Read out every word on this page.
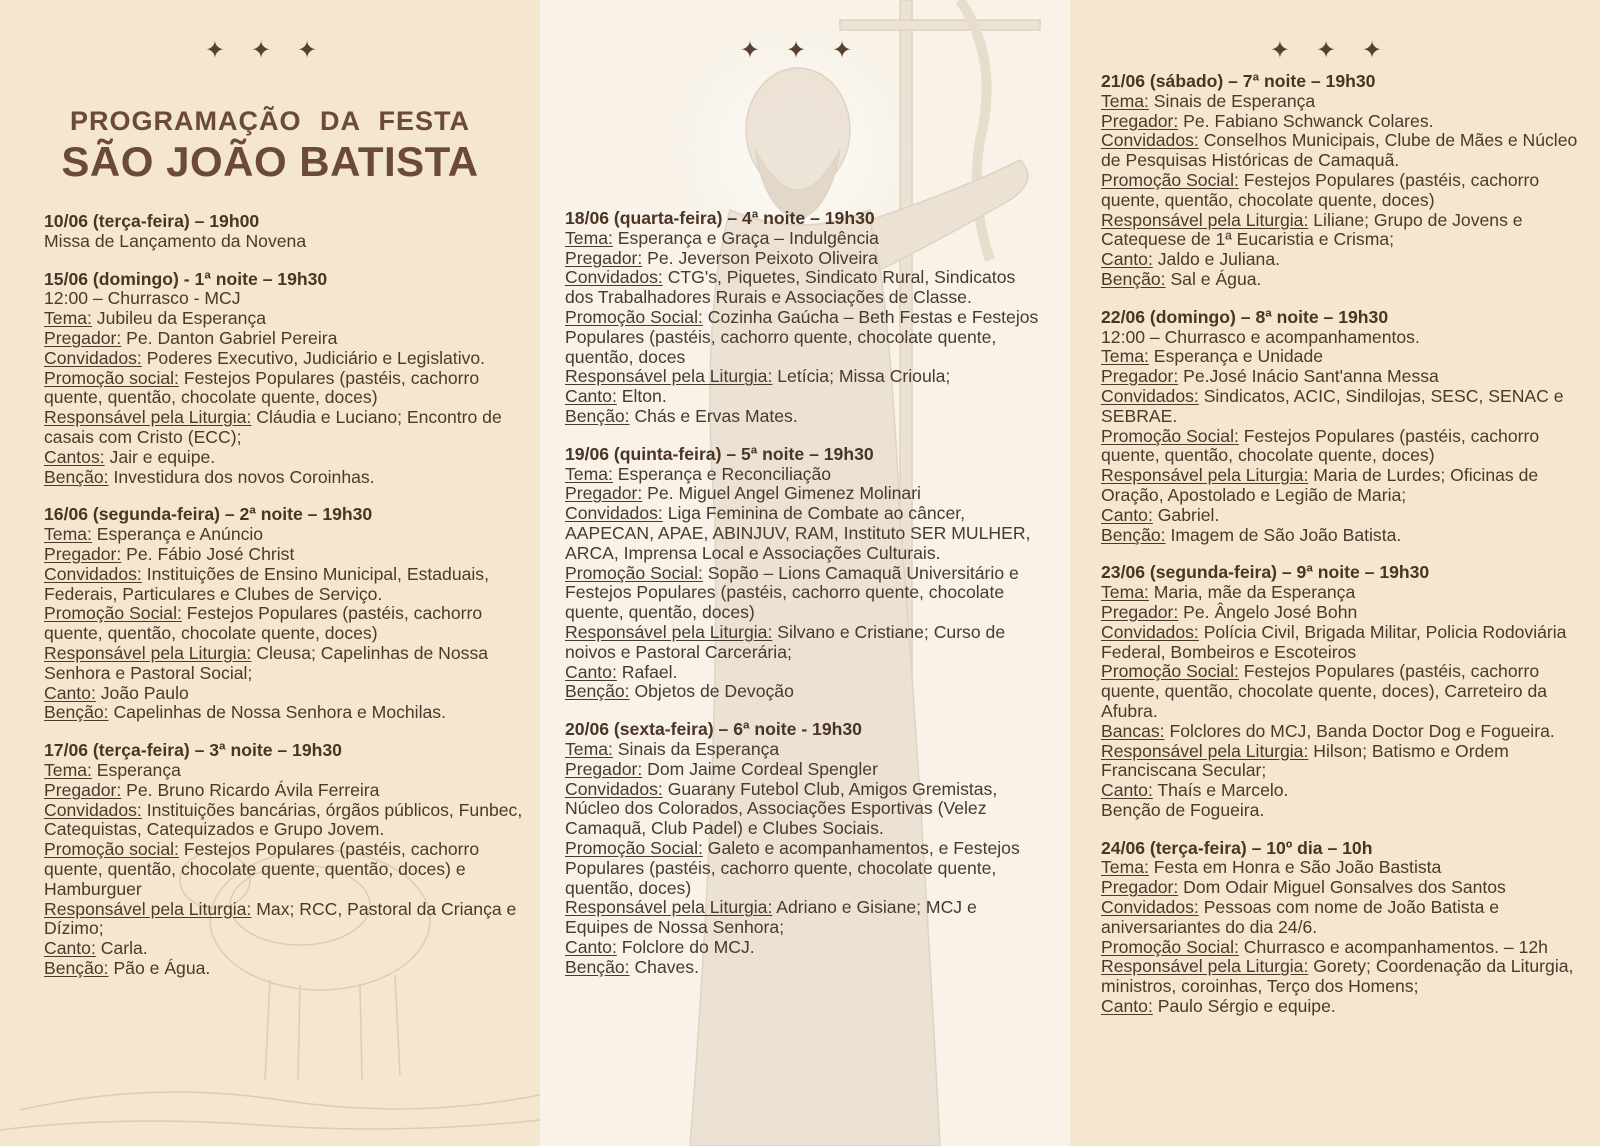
✦ ✦ ✦
PROGRAMAÇÃO DA FESTA
SÃO JOÃO BATISTA
10/06 (terça-feira) – 19h00
Missa de Lançamento da Novena
15/06 (domingo) - 1ª noite – 19h30
12:00 – Churrasco - MCJ
Tema: Jubileu da Esperança
Pregador: Pe. Danton Gabriel Pereira
Convidados: Poderes Executivo, Judiciário e Legislativo.
Promoção social: Festejos Populares (pastéis, cachorro quente, quentão, chocolate quente, doces)
Responsável pela Liturgia: Cláudia e Luciano; Encontro de casais com Cristo (ECC);
Cantos: Jair e equipe.
Benção: Investidura dos novos Coroinhas.
16/06 (segunda-feira) – 2ª noite – 19h30
Tema: Esperança e Anúncio
Pregador: Pe. Fábio José Christ
Convidados: Instituições de Ensino Municipal, Estaduais, Federais, Particulares e Clubes de Serviço.
Promoção Social: Festejos Populares (pastéis, cachorro quente, quentão, chocolate quente, doces)
Responsável pela Liturgia: Cleusa; Capelinhas de Nossa Senhora e Pastoral Social;
Canto: João Paulo
Benção: Capelinhas de Nossa Senhora e Mochilas.
17/06 (terça-feira) – 3ª noite – 19h30
Tema: Esperança
Pregador: Pe. Bruno Ricardo Ávila Ferreira
Convidados: Instituições bancárias, órgãos públicos, Funbec, Catequistas, Catequizados e Grupo Jovem.
Promoção social: Festejos Populares (pastéis, cachorro quente, quentão, chocolate quente, quentão, doces) e Hamburguer
Responsável pela Liturgia: Max; RCC, Pastoral da Criança e Dízimo;
Canto: Carla.
Benção: Pão e Água.
✦ ✦ ✦
18/06 (quarta-feira) – 4ª noite – 19h30
Tema: Esperança e Graça – Indulgência
Pregador: Pe. Jeverson Peixoto Oliveira
Convidados: CTG's, Piquetes, Sindicato Rural, Sindicatos dos Trabalhadores Rurais e Associações de Classe.
Promoção Social: Cozinha Gaúcha – Beth Festas e Festejos Populares (pastéis, cachorro quente, chocolate quente, quentão, doces
Responsável pela Liturgia: Letícia; Missa Crioula;
Canto: Elton.
Benção: Chás e Ervas Mates.
19/06 (quinta-feira) – 5ª noite – 19h30
Tema: Esperança e Reconciliação
Pregador: Pe. Miguel Angel Gimenez Molinari
Convidados: Liga Feminina de Combate ao câncer, AAPECAN, APAE, ABINJUV, RAM, Instituto SER MULHER, ARCA, Imprensa Local e Associações Culturais.
Promoção Social: Sopão – Lions Camaquã Universitário e Festejos Populares (pastéis, cachorro quente, chocolate quente, quentão, doces)
Responsável pela Liturgia: Silvano e Cristiane; Curso de noivos e Pastoral Carcerária;
Canto: Rafael.
Benção: Objetos de Devoção
20/06 (sexta-feira) – 6ª noite - 19h30
Tema: Sinais da Esperança
Pregador: Dom Jaime Cordeal Spengler
Convidados: Guarany Futebol Club, Amigos Gremistas, Núcleo dos Colorados, Associações Esportivas (Velez Camaquã, Club Padel) e Clubes Sociais.
Promoção Social: Galeto e acompanhamentos, e Festejos Populares (pastéis, cachorro quente, chocolate quente, quentão, doces)
Responsável pela Liturgia: Adriano e Gisiane; MCJ e Equipes de Nossa Senhora;
Canto: Folclore do MCJ.
Benção: Chaves.
✦ ✦ ✦
21/06 (sábado) – 7ª noite – 19h30
Tema: Sinais de Esperança
Pregador: Pe. Fabiano Schwanck Colares.
Convidados: Conselhos Municipais, Clube de Mães e Núcleo de Pesquisas Históricas de Camaquã.
Promoção Social: Festejos Populares (pastéis, cachorro quente, quentão, chocolate quente, doces)
Responsável pela Liturgia: Liliane; Grupo de Jovens e Catequese de 1ª Eucaristia e Crisma;
Canto: Jaldo e Juliana.
Benção: Sal e Água.
22/06 (domingo) – 8ª noite – 19h30
12:00 – Churrasco e acompanhamentos.
Tema: Esperança e Unidade
Pregador: Pe.José Inácio Sant'anna Messa
Convidados: Sindicatos, ACIC, Sindilojas, SESC, SENAC e SEBRAE.
Promoção Social: Festejos Populares (pastéis, cachorro quente, quentão, chocolate quente, doces)
Responsável pela Liturgia: Maria de Lurdes; Oficinas de Oração, Apostolado e Legião de Maria;
Canto: Gabriel.
Benção: Imagem de São João Batista.
23/06 (segunda-feira) – 9ª noite – 19h30
Tema: Maria, mãe da Esperança
Pregador: Pe. Ângelo José Bohn
Convidados: Polícia Civil, Brigada Militar, Policia Rodoviária Federal, Bombeiros e Escoteiros
Promoção Social: Festejos Populares (pastéis, cachorro quente, quentão, chocolate quente, doces), Carreteiro da Afubra.
Bancas: Folclores do MCJ, Banda Doctor Dog e Fogueira.
Responsável pela Liturgia: Hilson; Batismo e Ordem Franciscana Secular;
Canto: Thaís e Marcelo.
Benção de Fogueira.
24/06 (terça-feira) – 10º dia – 10h
Tema: Festa em Honra e São João Bastista
Pregador: Dom Odair Miguel Gonsalves dos Santos
Convidados: Pessoas com nome de João Batista e aniversariantes do dia 24/6.
Promoção Social: Churrasco e acompanhamentos. – 12h
Responsável pela Liturgia: Gorety; Coordenação da Liturgia, ministros, coroinhas, Terço dos Homens;
Canto: Paulo Sérgio e equipe.
